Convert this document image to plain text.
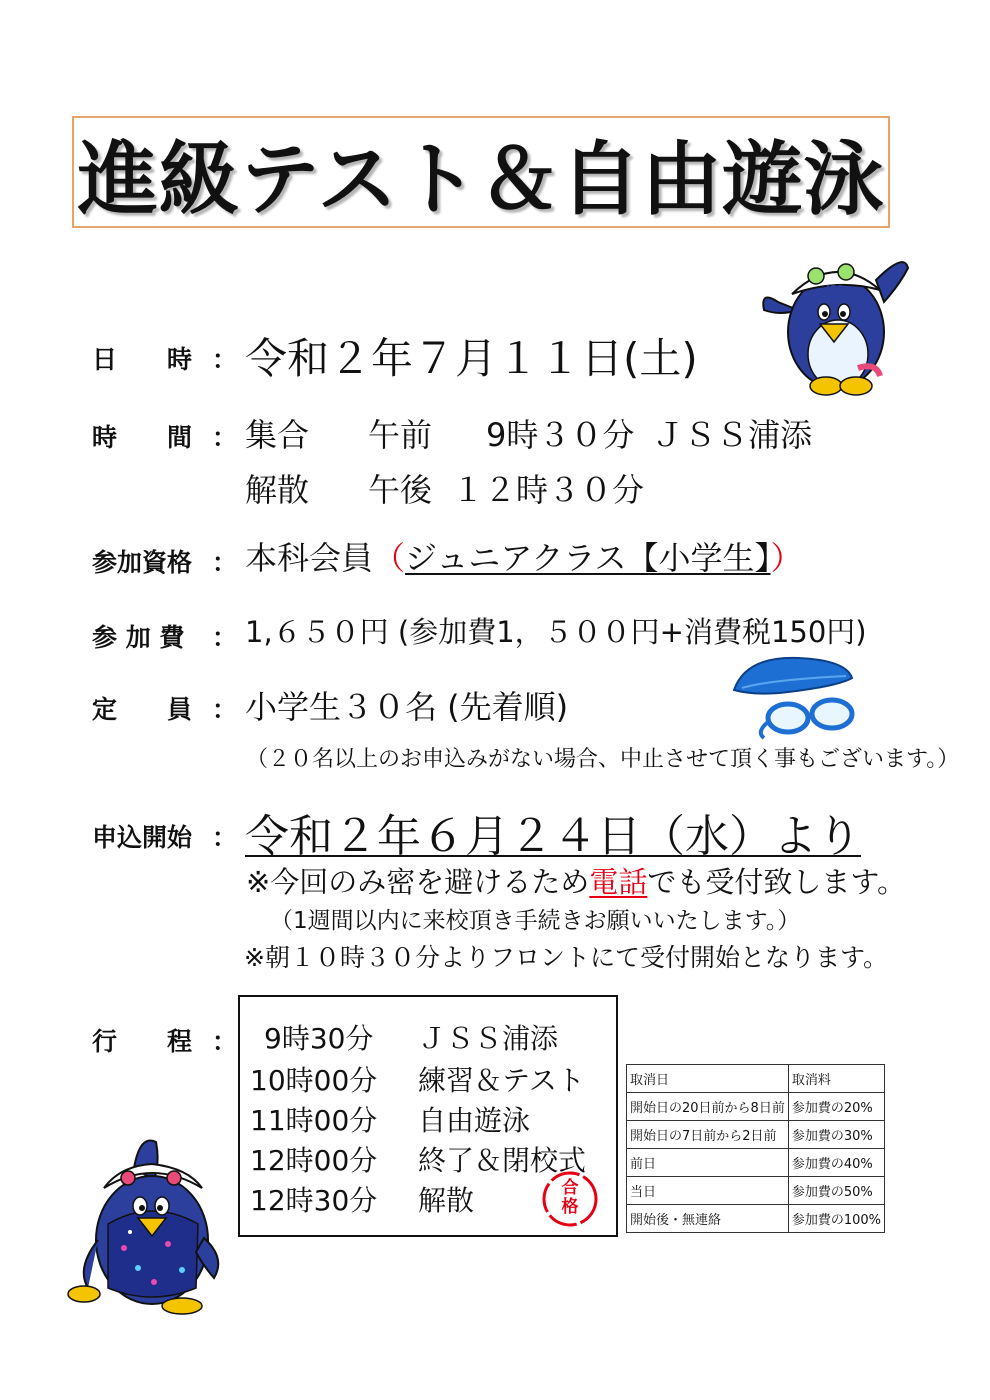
進級テスト＆自由遊泳
JSS
日　　時 ： 令和２年７月１１日(土)
時　　間 ： 集合 午前 9時３０分 ＪＳＳ浦添
解散 午後 １２時３０分
参加資格 ： 本科会員（ジュニアクラス【小学生】）
参 加 費 ： 1,６５０円 (参加費1，５００円+消費税150円)
定　　員 ： 小学生３０名 (先着順)
（２０名以上のお申込みがない場合、中止させて頂く事もございます。）
申込開始 ： 令和２年６月２４日（水）より
※今回のみ密を避けるため電話でも受付致します。
（1週間以内に来校頂き手続きお願いいたします。）
※朝１０時３０分よりフロントにて受付開始となります。
行　　程 ： 9時30分 ＪＳＳ浦添
10時00分 練習＆テスト
11時00分 自由遊泳
12時00分 終了＆閉校式
12時30分 解散	合格
取消日	取消料
開始日の20日前から8日前	参加費の20%
開始日の7日前から2日前	参加費の30%
前日	参加費の40%
当日	参加費の50%
開始後・無連絡	参加費の100%
